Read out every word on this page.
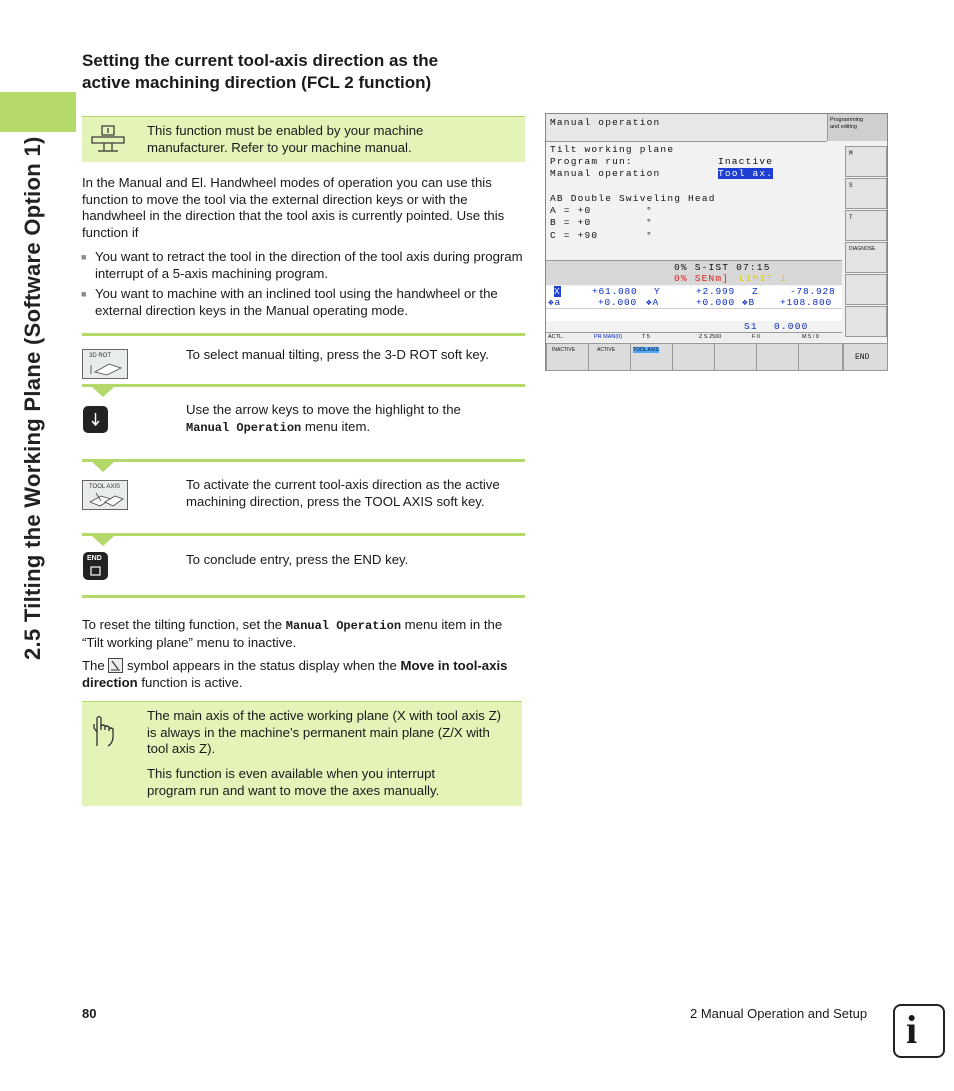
2.5 Tilting the Working Plane (Software Option 1)
Setting the current tool-axis direction as the
active machining direction (FCL 2 function)
This function must be enabled by your machine manufacturer. Refer to your machine manual.
In the Manual and El. Handwheel modes of operation you can use this function to move the tool via the external direction keys or with the handwheel in the direction that the tool axis is currently pointed. Use this function if
■ You want to retract the tool in the direction of the tool axis during program interrupt of a 5-axis machining program.
■ You want to machine with an inclined tool using the handwheel or the external direction keys in the Manual operating mode.
3D ROT	To select manual tilting, press the 3-D ROT soft key.
Use the arrow keys to move the highlight to the
Manual Operation menu item.
TOOL AXIS	To activate the current tool-axis direction as the active machining direction, press the TOOL AXIS soft key.
END	To conclude entry, press the END key.
To reset the tilting function, set the Manual Operation menu item in the “Tilt working plane” menu to inactive.
The  symbol appears in the status display when the Move in tool-axis direction function is active.
The main axis of the active working plane (X with tool axis Z) is always in the machine’s permanent main plane (Z/X with tool axis Z).
This function is even available when you interrupt program run and want to move the axes manually.
Manual operation	Programming
and editing
Tilt working plane
Program run:	Inactive
Manual operation	Tool ax.
AB Double Swiveling Head
A = +0	°
B = +0	°
C = +90	°
0% S-IST 07:15
0% SENm] LIMIT 1
X	+61.080 Y	+2.999 Z	-78.928
❖a	+0.000 ❖A	+0.000 ❖B	+108.800
S1 0.000
ACTL.	PR MAN(0)	T 5	Z S 2500	F 0	M 5 / 9
M
S
T
DIAGNOSE
INACTIVE	ACTIVE	TOOL AXIS
END
80	2 Manual Operation and Setup i
